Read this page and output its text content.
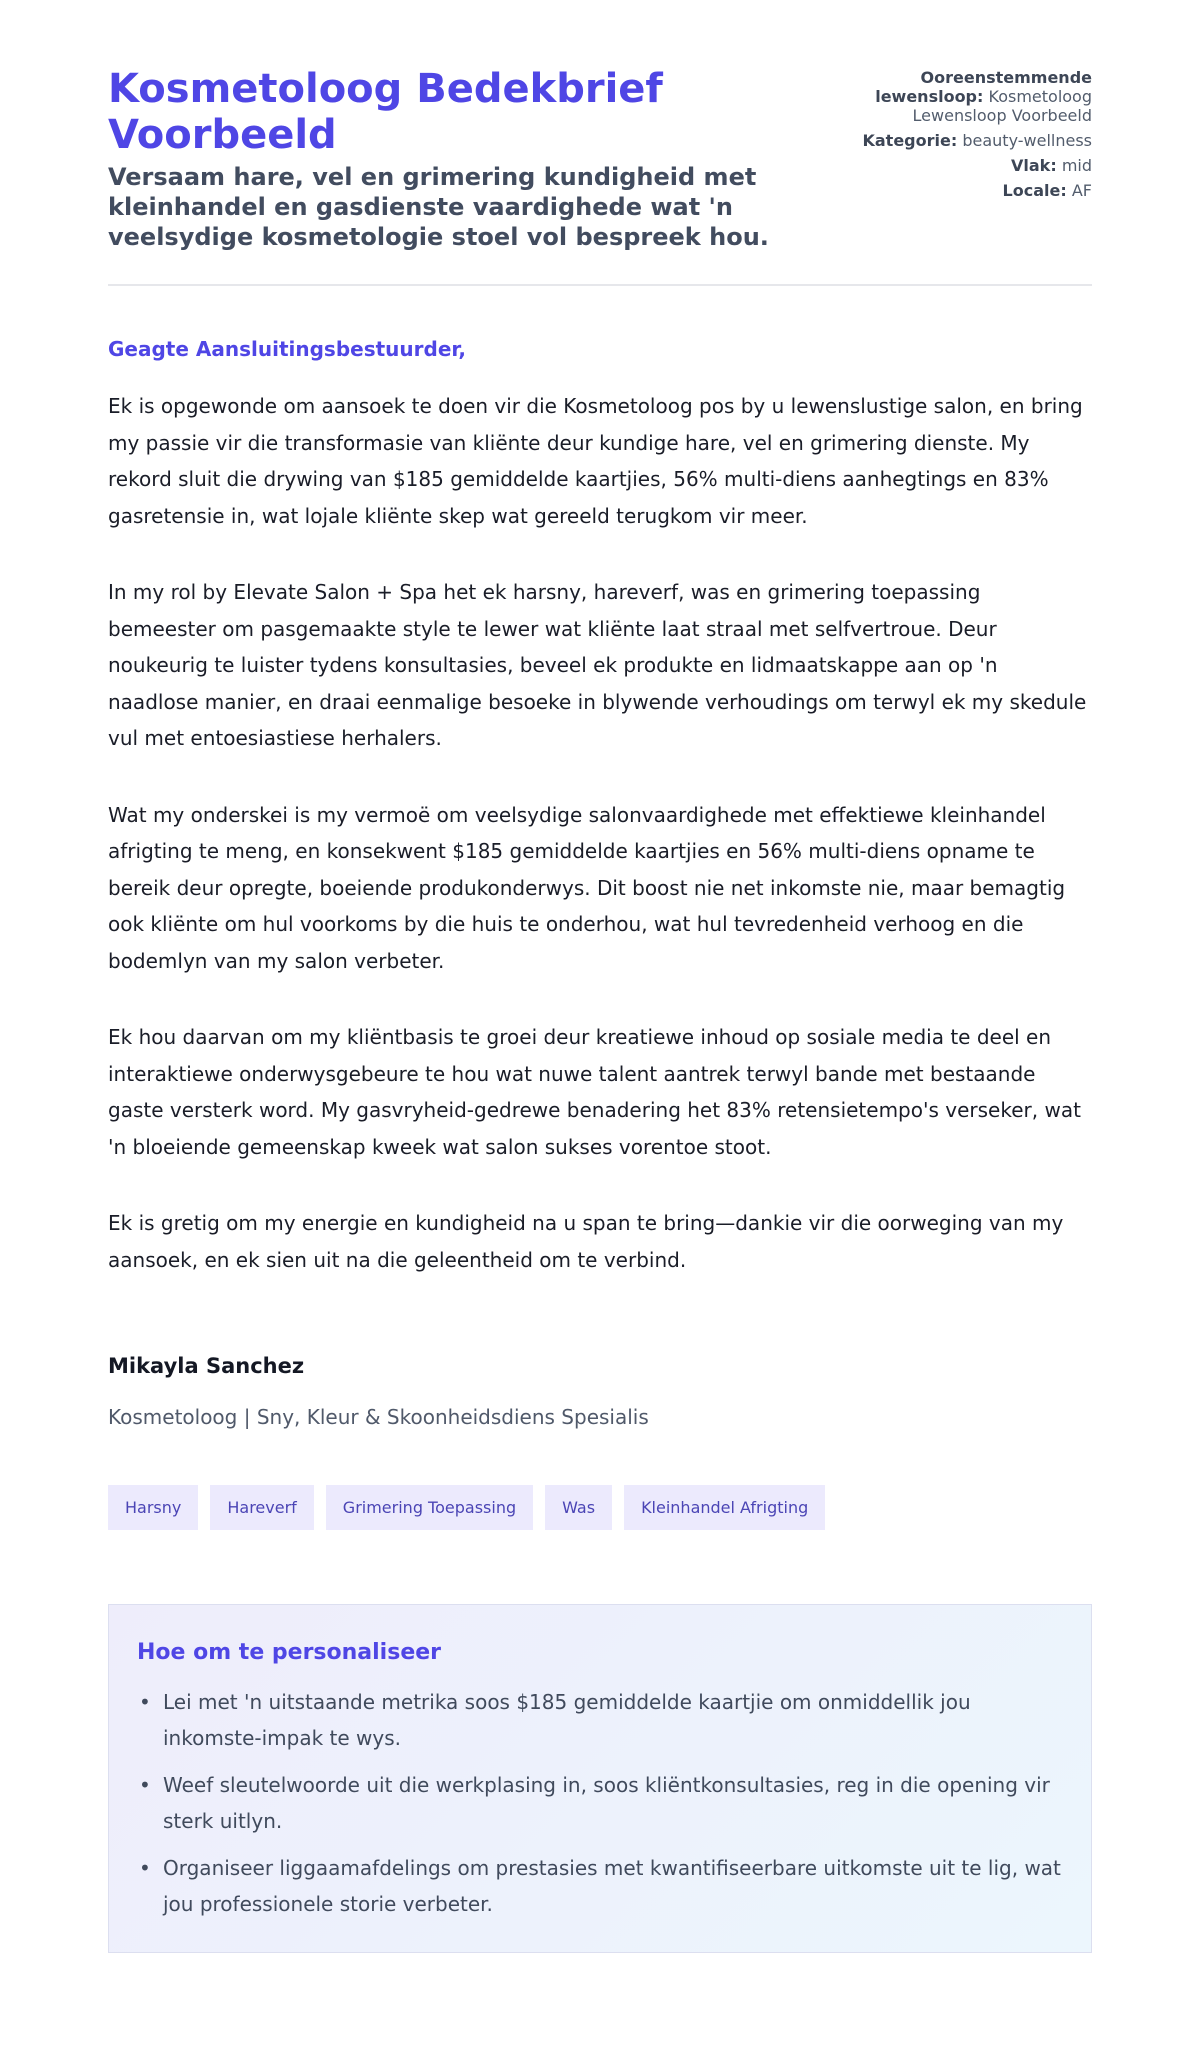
Kosmetoloog Bedekbrief Voorbeeld
Versaam hare, vel en grimering kundigheid met kleinhandel en gasdienste vaardighede wat 'n veelsydige kosmetologie stoel vol bespreek hou.
Ooreenstemmende lewensloop: Kosmetoloog Lewensloop Voorbeeld
Kategorie: beauty-wellness
Vlak: mid
Locale: AF

Geagte Aansluitingsbestuurder,

Ek is opgewonde om aansoek te doen vir die Kosmetoloog pos by u lewenslustige salon, en bring my passie vir die transformasie van kliënte deur kundige hare, vel en grimering dienste. My rekord sluit die drywing van $185 gemiddelde kaartjies, 56% multi-diens aanhegtings en 83% gasretensie in, wat lojale kliënte skep wat gereeld terugkom vir meer.

In my rol by Elevate Salon + Spa het ek harsny, hareverf, was en grimering toepassing bemeester om pasgemaakte style te lewer wat kliënte laat straal met selfvertroue. Deur noukeurig te luister tydens konsultasies, beveel ek produkte en lidmaatskappe aan op 'n naadlose manier, en draai eenmalige besoeke in blywende verhoudings om terwyl ek my skedule vul met entoesiastiese herhalers.

Wat my onderskei is my vermoë om veelsydige salonvaardighede met effektiewe kleinhandel afrigting te meng, en konsekwent $185 gemiddelde kaartjies en 56% multi-diens opname te bereik deur opregte, boeiende produkonderwys. Dit boost nie net inkomste nie, maar bemagtig ook kliënte om hul voorkoms by die huis te onderhou, wat hul tevredenheid verhoog en die bodemlyn van my salon verbeter.

Ek hou daarvan om my kliëntbasis te groei deur kreatiewe inhoud op sosiale media te deel en interaktiewe onderwysgebeure te hou wat nuwe talent aantrek terwyl bande met bestaande gaste versterk word. My gasvryheid-gedrewe benadering het 83% retensietempo's verseker, wat 'n bloeiende gemeenskap kweek wat salon sukses vorentoe stoot.

Ek is gretig om my energie en kundigheid na u span te bring—dankie vir die oorweging van my aansoek, en ek sien uit na die geleentheid om te verbind.

Mikayla Sanchez
Kosmetoloog | Sny, Kleur & Skoonheidsdiens Spesialis
Harsny	Hareverf	Grimering Toepassing	Was	Kleinhandel Afrigting
Hoe om te personaliseer
• Lei met 'n uitstaande metrika soos $185 gemiddelde kaartjie om onmiddellik jou inkomste-impak te wys.
• Weef sleutelwoorde uit die werkplasing in, soos kliëntkonsultasies, reg in die opening vir sterk uitlyn.
• Organiseer liggaamafdelings om prestasies met kwantifiseerbare uitkomste uit te lig, wat jou professionele storie verbeter.
